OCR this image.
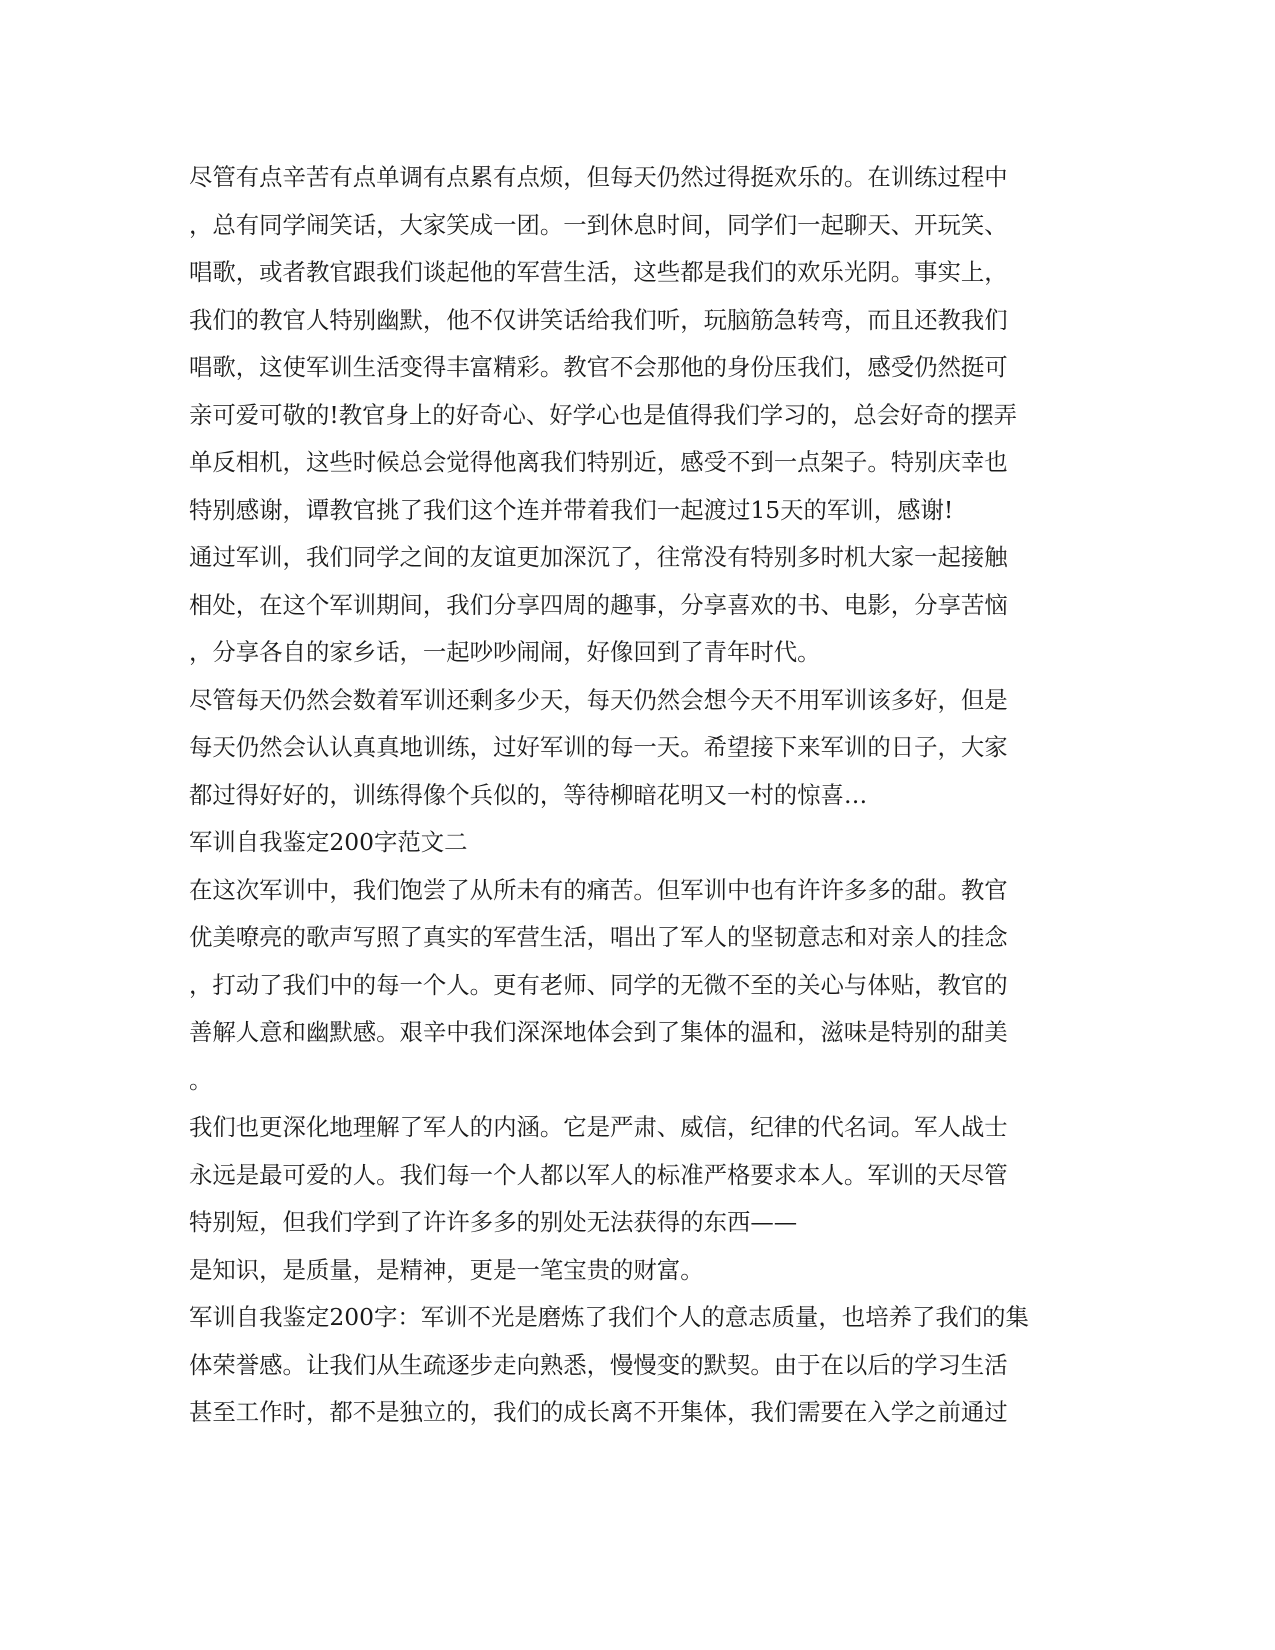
尽管有点辛苦有点单调有点累有点烦，但每天仍然过得挺欢乐的。在训练过程中
，总有同学闹笑话，大家笑成一团。一到休息时间，同学们一起聊天、开玩笑、
唱歌，或者教官跟我们谈起他的军营生活，这些都是我们的欢乐光阴。事实上，
我们的教官人特别幽默，他不仅讲笑话给我们听，玩脑筋急转弯，而且还教我们
唱歌，这使军训生活变得丰富精彩。教官不会那他的身份压我们，感受仍然挺可
亲可爱可敬的!教官身上的好奇心、好学心也是值得我们学习的，总会好奇的摆弄
单反相机，这些时候总会觉得他离我们特别近，感受不到一点架子。特别庆幸也
特别感谢，谭教官挑了我们这个连并带着我们一起渡过15天的军训，感谢!
通过军训，我们同学之间的友谊更加深沉了，往常没有特别多时机大家一起接触
相处，在这个军训期间，我们分享四周的趣事，分享喜欢的书、电影，分享苦恼
，分享各自的家乡话，一起吵吵闹闹，好像回到了青年时代。
尽管每天仍然会数着军训还剩多少天，每天仍然会想今天不用军训该多好，但是
每天仍然会认认真真地训练，过好军训的每一天。希望接下来军训的日子，大家
都过得好好的，训练得像个兵似的，等待柳暗花明又一村的惊喜…
军训自我鉴定200字范文二
在这次军训中，我们饱尝了从所未有的痛苦。但军训中也有许许多多的甜。教官
优美嘹亮的歌声写照了真实的军营生活，唱出了军人的坚韧意志和对亲人的挂念
，打动了我们中的每一个人。更有老师、同学的无微不至的关心与体贴，教官的
善解人意和幽默感。艰辛中我们深深地体会到了集体的温和，滋味是特别的甜美
。
我们也更深化地理解了军人的内涵。它是严肃、威信，纪律的代名词。军人战士
永远是最可爱的人。我们每一个人都以军人的标准严格要求本人。军训的天尽管
特别短，但我们学到了许许多多的别处无法获得的东西——
是知识，是质量，是精神，更是一笔宝贵的财富。
军训自我鉴定200字：军训不光是磨炼了我们个人的意志质量，也培养了我们的集
体荣誉感。让我们从生疏逐步走向熟悉，慢慢变的默契。由于在以后的学习生活
甚至工作时，都不是独立的，我们的成长离不开集体，我们需要在入学之前通过
